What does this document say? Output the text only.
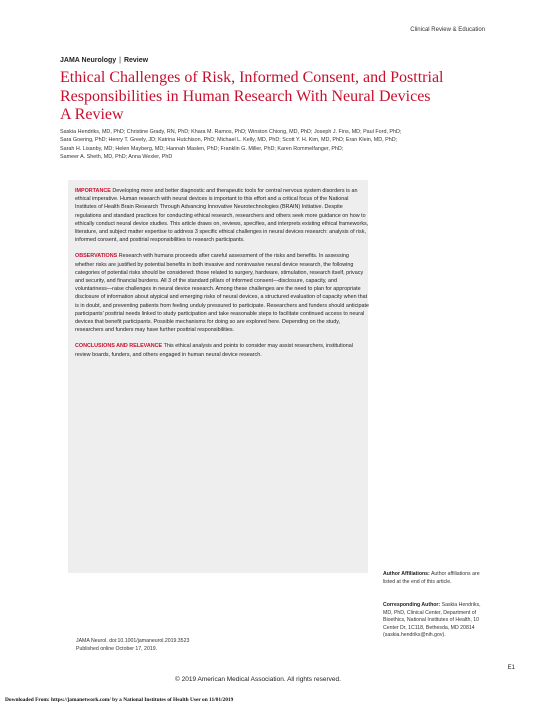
Clinical Review & Education
JAMA Neurology | Review
Ethical Challenges of Risk, Informed Consent, and Posttrial
Responsibilities in Human Research With Neural Devices
A Review
Saskia Hendriks, MD, PhD; Christine Grady, RN, PhD; Khara M. Ramos, PhD; Winston Chiong, MD, PhD; Joseph J. Fins, MD; Paul Ford, PhD;
Sara Goering, PhD; Henry T. Greely, JD; Katrina Hutchison, PhD; Michael L. Kelly, MD, PhD; Scott Y. H. Kim, MD, PhD; Eran Klein, MD, PhD;
Sarah H. Lisanby, MD; Helen Mayberg, MD; Hannah Maslen, PhD; Franklin G. Miller, PhD; Karen Rommelfanger, PhD;
Sameer A. Sheth, MD, PhD; Anna Wexler, PhD

IMPORTANCE Developing more and better diagnostic and therapeutic tools for central nervous system disorders is an ethical imperative. Human research with neural devices is important to this effort and a critical focus of the National Institutes of Health Brain Research Through Advancing Innovative Neurotechnologies (BRAIN) Initiative. Despite regulations and standard practices for conducting ethical research, researchers and others seek more guidance on how to ethically conduct neural device studies. This article draws on, reviews, specifies, and interprets existing ethical frameworks, literature, and subject matter expertise to address 3 specific ethical challenges in neural devices research: analysis of risk, informed consent, and posttrial responsibilities to research participants.

OBSERVATIONS Research with humans proceeds after careful assessment of the risks and benefits. In assessing whether risks are justified by potential benefits in both invasive and noninvasive neural device research, the following categories of potential risks should be considered: those related to surgery, hardware, stimulation, research itself, privacy and security, and financial burdens. All 3 of the standard pillars of informed consent—disclosure, capacity, and voluntariness—raise challenges in neural device research. Among these challenges are the need to plan for appropriate disclosure of information about atypical and emerging risks of neural devices, a structured evaluation of capacity when that is in doubt, and preventing patients from feeling unduly pressured to participate. Researchers and funders should anticipate participants' posttrial needs linked to study participation and take reasonable steps to facilitate continued access to neural devices that benefit participants. Possible mechanisms for doing so are explored here. Depending on the study, researchers and funders may have further posttrial responsibilities.

CONCLUSIONS AND RELEVANCE This ethical analysis and points to consider may assist researchers, institutional review boards, funders, and others engaged in human neural device research.

Author Affiliations: Author affiliations are listed at the end of this article.
Corresponding Author: Saskia Hendriks, MD, PhD, Clinical Center, Department of Bioethics, National Institutes of Health, 10 Center Dr, 1C118, Bethesda, MD 20814 (saskia.hendriks@nih.gov).
JAMA Neurol. doi:10.1001/jamaneurol.2019.3523
Published online October 17, 2019.
E1
© 2019 American Medical Association. All rights reserved.
Downloaded From: https://jamanetwork.com/ by a National Institutes of Health User on 11/01/2019
